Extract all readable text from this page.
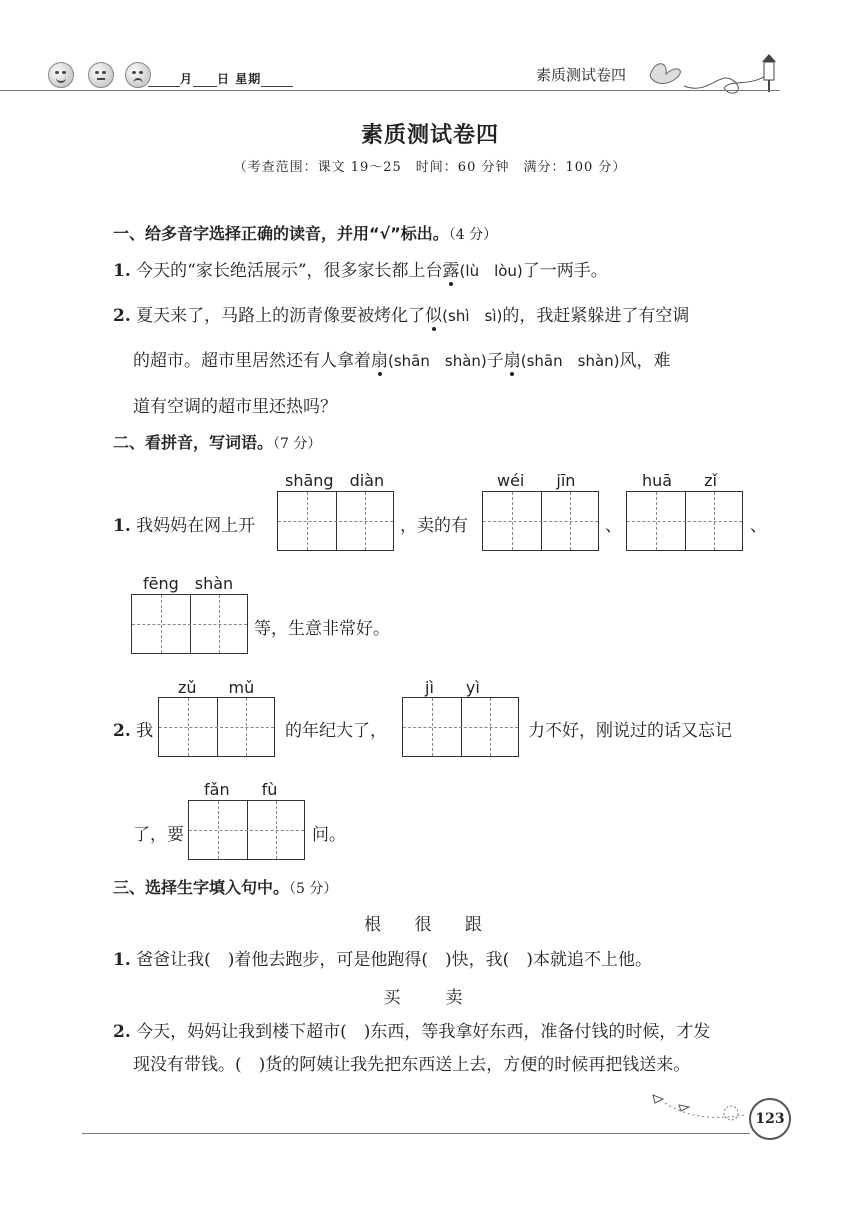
月 日 星期	素质测试卷四
素质测试卷四
（考查范围：课文 19～25　时间：60 分钟　满分：100 分）
一、给多音字选择正确的读音，并用“√”标出。（4 分）
1. 今天的“家长绝活展示”，很多家长都上台露(lù　lòu)了一两手。
2. 夏天来了，马路上的沥青像要被烤化了似(shì　sì)的，我赶紧躲进了有空调
的超市。超市里居然还有人拿着扇(shān　shàn)子扇(shān　shàn)风，难
道有空调的超市里还热吗？
二、看拼音，写词语。（7 分）
shāng　diàn	wéi　　jīn	huā　　zǐ
1. 我妈妈在网上开	，卖的有	、	、
fēng　shàn
等，生意非常好。
zǔ　　mǔ	jì　　yì
2. 我	的年纪大了，	力不好，刚说过的话又忘记
fǎn　　fù
了，要	问。
三、选择生字填入句中。（5 分）
根 很 跟
1. 爸爸让我(　)着他去跑步，可是他跑得(　)快，我(　)本就追不上他。
买　卖
2. 今天，妈妈让我到楼下超市(　)东西，等我拿好东西，准备付钱的时候，才发
现没有带钱。(　)货的阿姨让我先把东西送上去，方便的时候再把钱送来。
123
